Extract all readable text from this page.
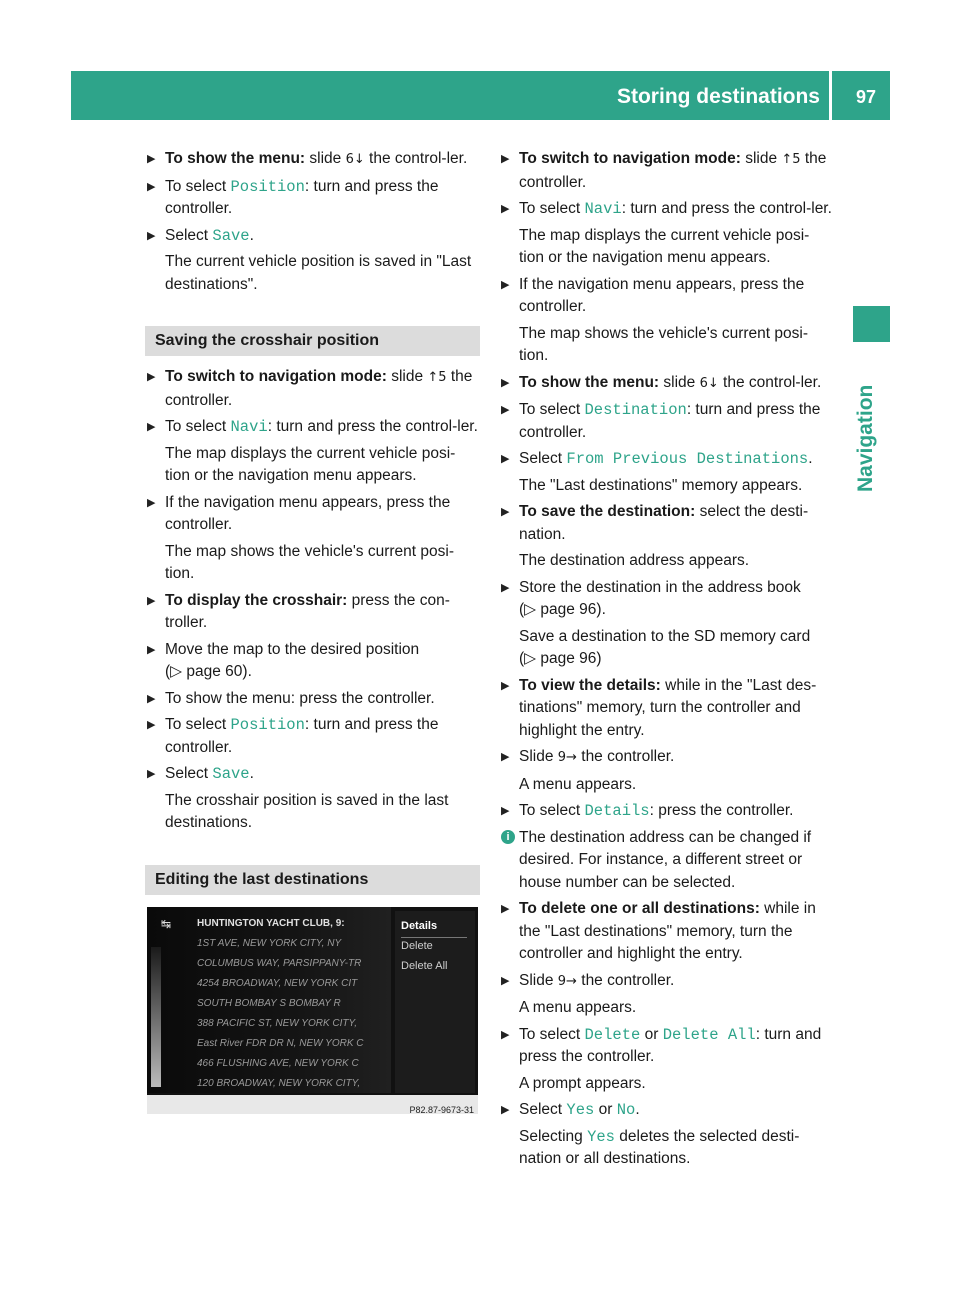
Storing destinations 97
Navigation
▶ To show the menu: slide 6↓ the control-ler.
▶ To select Position: turn and press the controller.
▶ Select Save.
The current vehicle position is saved in "Last destinations".
Saving the crosshair position
▶ To switch to navigation mode: slide ↑5 the controller.
▶ To select Navi: turn and press the control-ler.
The map displays the current vehicle posi-tion or the navigation menu appears.
▶ If the navigation menu appears, press the controller.
The map shows the vehicle's current posi-tion.
▶ To display the crosshair: press the con-troller.
▶ Move the map to the desired position
(▷ page 60).
▶ To show the menu: press the controller.
▶ To select Position: turn and press the controller.
▶ Select Save.
The crosshair position is saved in the last destinations.
Editing the last destinations
↹	HUNTINGTON YACHT CLUB, 9:
1ST AVE, NEW YORK CITY, NY
COLUMBUS WAY, PARSIPPANY-TR
4254 BROADWAY, NEW YORK CIT
SOUTH BOMBAY S BOMBAY R
388 PACIFIC ST, NEW YORK CITY,
East River FDR DR N, NEW YORK C
466 FLUSHING AVE, NEW YORK C
120 BROADWAY, NEW YORK CITY,
Details
Delete
Delete All
P82.87-9673-31
▶ To switch to navigation mode: slide ↑5 the controller.
▶ To select Navi: turn and press the control-ler.
The map displays the current vehicle posi-tion or the navigation menu appears.
▶ If the navigation menu appears, press the controller.
The map shows the vehicle's current posi-tion.
▶ To show the menu: slide 6↓ the control-ler.
▶ To select Destination: turn and press the controller.
▶ Select From Previous Destinations.
The "Last destinations" memory appears.
▶ To save the destination: select the desti-nation.
The destination address appears.
▶ Store the destination in the address book
(▷ page 96).
Save a destination to the SD memory card
(▷ page 96)
▶ To view the details: while in the "Last des-tinations" memory, turn the controller and highlight the entry.
▶ Slide 9→ the controller.
A menu appears.
▶ To select Details: press the controller.
i The destination address can be changed if desired. For instance, a different street or house number can be selected.
▶ To delete one or all destinations: while in the "Last destinations" memory, turn the controller and highlight the entry.
▶ Slide 9→ the controller.
A menu appears.
▶ To select Delete or Delete All: turn and press the controller.
A prompt appears.
▶ Select Yes or No.
Selecting Yes deletes the selected desti-nation or all destinations.
